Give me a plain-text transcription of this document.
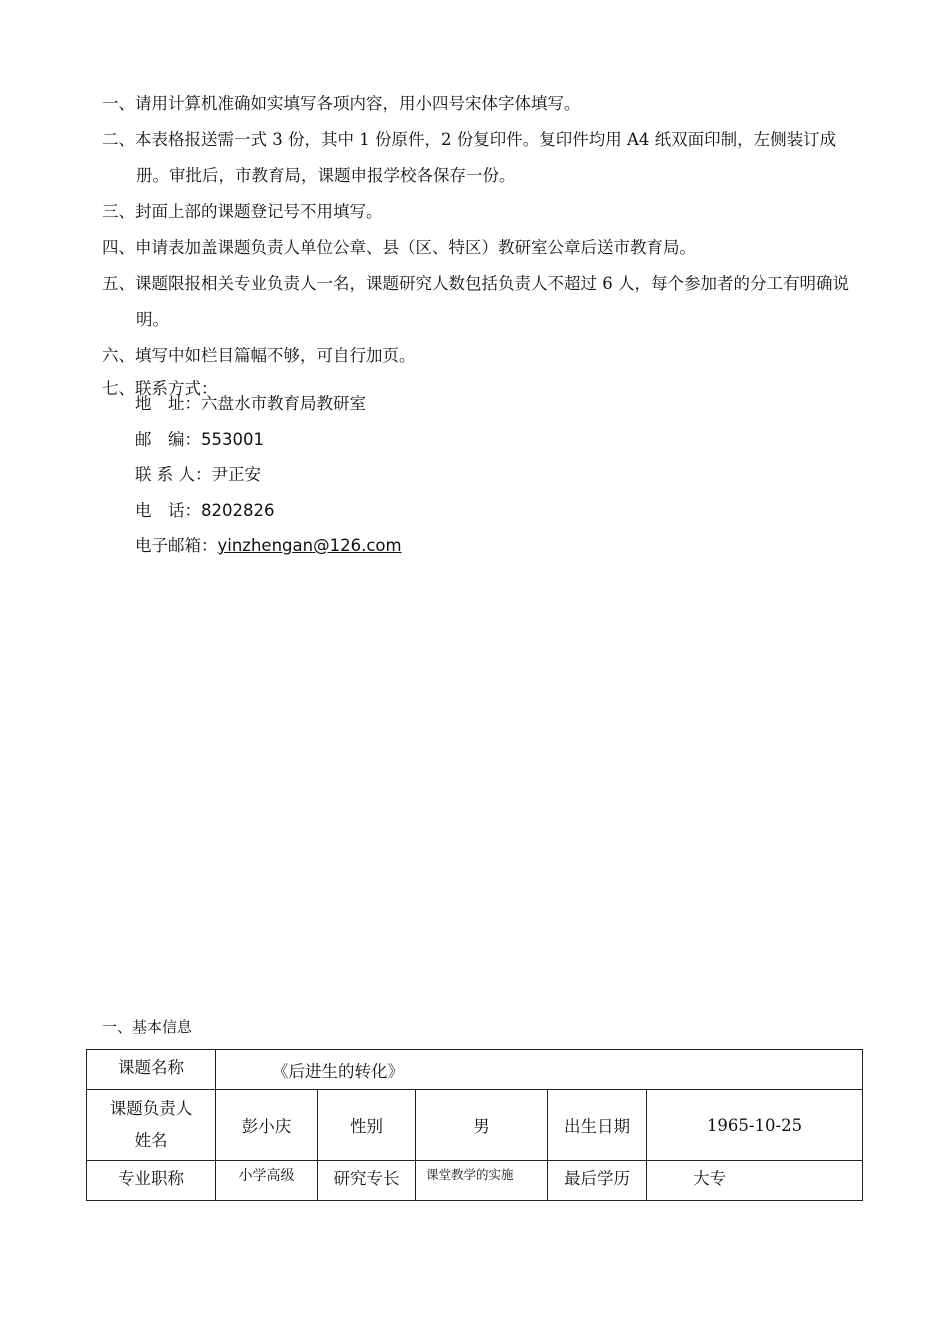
一、请用计算机准确如实填写各项内容，用小四号宋体字体填写。

二、本表格报送需一式 3 份，其中 1 份原件，2 份复印件。复印件均用 A4 纸双面印制，左侧装订成册。审批后，市教育局，课题申报学校各保存一份。

三、封面上部的课题登记号不用填写。

四、申请表加盖课题负责人单位公章、县（区、特区）教研室公章后送市教育局。

五、课题限报相关专业负责人一名，课题研究人数包括负责人不超过 6 人，每个参加者的分工有明确说明。

六、填写中如栏目篇幅不够，可自行加页。

七、联系方式：

地　址：六盘水市教育局教研室
邮　编：553001
联 系 人：尹正安
电　话：8202826
电子邮箱：yinzhengan@126.com
一、基本信息
课题名称	《后进生的转化》				

课题负责人
姓名	彭小庆	性别	男	出生日期	1965-10-25
专业职称	小学高级	研究专长	课堂教学的实施	最后学历	大专
